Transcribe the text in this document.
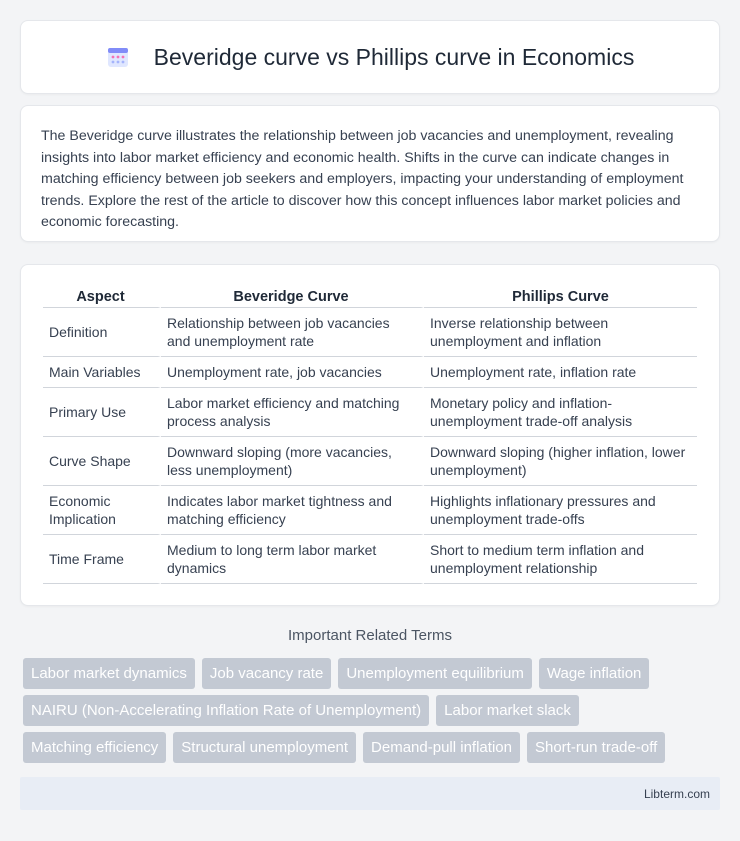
Beveridge curve vs Phillips curve in Economics

The Beveridge curve illustrates the relationship between job vacancies and unemployment, revealing insights into labor market efficiency and economic health. Shifts in the curve can indicate changes in matching efficiency between job seekers and employers, impacting your understanding of employment trends. Explore the rest of the article to discover how this concept influences labor market policies and economic forecasting.

Aspect	Beveridge Curve	Phillips Curve
Definition	Relationship between job vacancies and unemployment rate	Inverse relationship between unemployment and inflation
Main Variables	Unemployment rate, job vacancies	Unemployment rate, inflation rate
Primary Use	Labor market efficiency and matching process analysis	Monetary policy and inflation-unemployment trade-off analysis
Curve Shape	Downward sloping (more vacancies, less unemployment)	Downward sloping (higher inflation, lower unemployment)
Economic Implication	Indicates labor market tightness and matching efficiency	Highlights inflationary pressures and unemployment trade-offs
Time Frame	Medium to long term labor market dynamics	Short to medium term inflation and unemployment relationship
Important Related Terms
Labor market dynamics	Job vacancy rate	Unemployment equilibrium	Wage inflation
NAIRU (Non-Accelerating Inflation Rate of Unemployment)	Labor market slack
Matching efficiency	Structural unemployment	Demand-pull inflation	Short-run trade-off
Libterm.com
